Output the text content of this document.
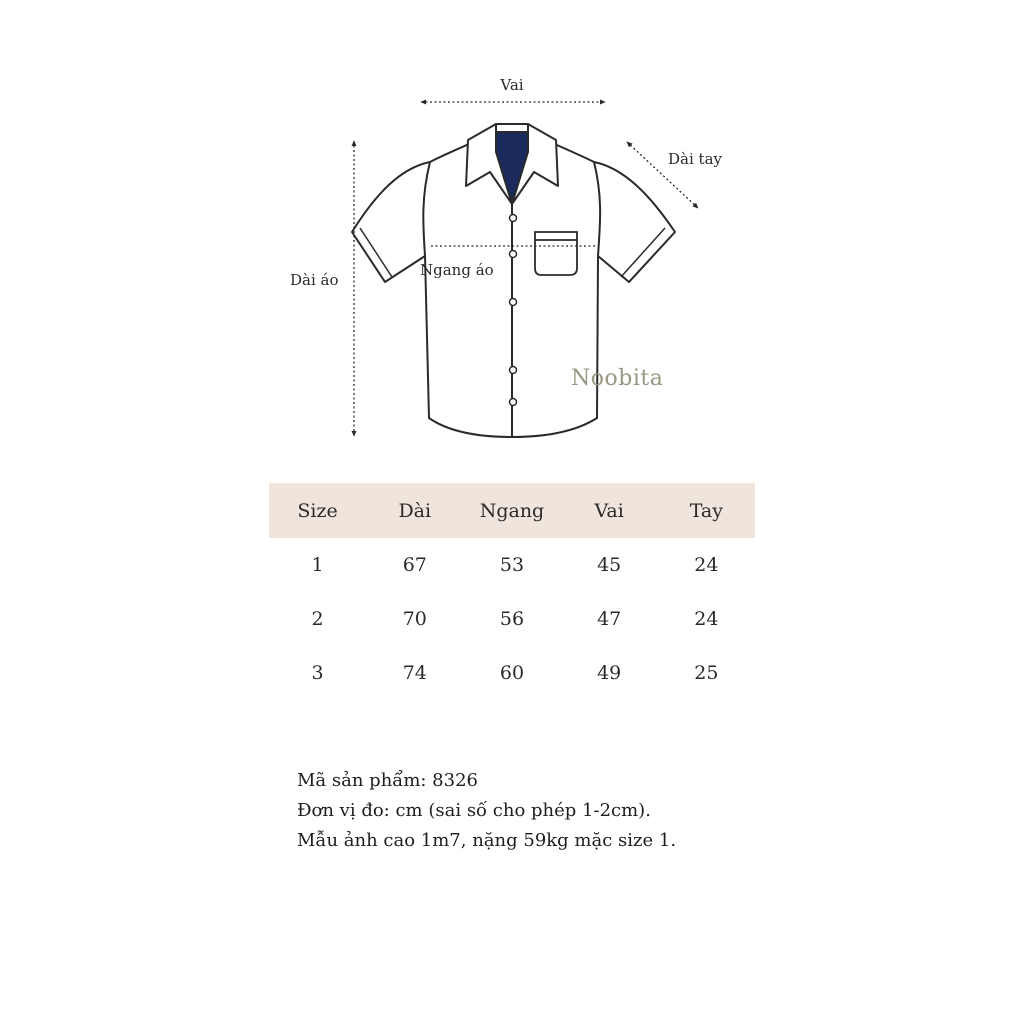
Vai
Dài tay
Dài áo
Ngang áo
Noobita
Size	Dài	Ngang	Vai	Tay
1	67	53	45	24
2	70	56	47	24
3	74	60	49	25
Mã sản phẩm: 8326
Đơn vị đo: cm (sai số cho phép 1-2cm).
Mẫu ảnh cao 1m7, nặng 59kg mặc size 1.
